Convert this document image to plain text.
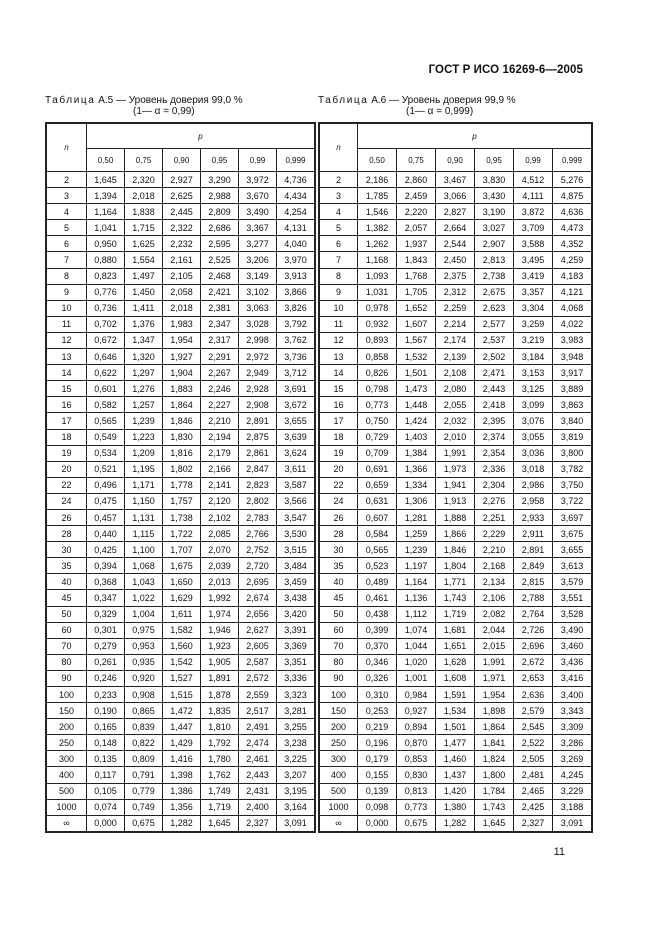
ГОСТ Р ИСО 16269-6—2005
Таблица А.5 — Уровень доверия 99,0 %
(1— α = 0,99)
n	p					
	0,50	0,75	0,90	0,95	0,99	0,999
2	1,645	2,320	2,927	3,290	3,972	4,736
3	1,394	2,018	2,625	2,988	3,670	4,434
4	1,164	1,838	2,445	2,809	3,490	4,254
5	1,041	1,715	2,322	2,686	3,367	4,131
6	0,950	1,625	2,232	2,595	3,277	4,040
7	0,880	1,554	2,161	2,525	3,206	3,970
8	0,823	1,497	2,105	2,468	3,149	3,913
9	0,776	1,450	2,058	2,421	3,102	3,866
10	0,736	1,411	2,018	2,381	3,063	3,826
11	0,702	1,376	1,983	2,347	3,028	3,792
12	0,672	1,347	1,954	2,317	2,998	3,762
13	0,646	1,320	1,927	2,291	2,972	3,736
14	0,622	1,297	1,904	2,267	2,949	3,712
15	0,601	1,276	1,883	2,246	2,928	3,691
16	0,582	1,257	1,864	2,227	2,908	3,672
17	0,565	1,239	1,846	2,210	2,891	3,655
18	0,549	1,223	1,830	2,194	2,875	3,639
19	0,534	1,209	1,816	2,179	2,861	3,624
20	0,521	1,195	1,802	2,166	2,847	3,611
22	0,496	1,171	1,778	2,141	2,823	3,587
24	0,475	1,150	1,757	2,120	2,802	3,566
26	0,457	1,131	1,738	2,102	2,783	3,547
28	0,440	1,115	1,722	2,085	2,766	3,530
30	0,425	1,100	1,707	2,070	2,752	3,515
35	0,394	1,068	1,675	2,039	2,720	3,484
40	0,368	1,043	1,650	2,013	2,695	3,459
45	0,347	1,022	1,629	1,992	2,674	3,438
50	0,329	1,004	1,611	1,974	2,656	3,420
60	0,301	0,975	1,582	1,946	2,627	3,391
70	0,279	0,953	1,560	1,923	2,605	3,369
80	0,261	0,935	1,542	1,905	2,587	3,351
90	0,246	0,920	1,527	1,891	2,572	3,336
100	0,233	0,908	1,515	1,878	2,559	3,323
150	0,190	0,865	1,472	1,835	2,517	3,281
200	0,165	0,839	1,447	1,810	2,491	3,255
250	0,148	0,822	1,429	1,792	2,474	3,238
300	0,135	0,809	1,416	1,780	2,461	3,225
400	0,117	0,791	1,398	1,762	2,443	3,207
500	0,105	0,779	1,386	1,749	2,431	3,195
1000	0,074	0,749	1,356	1,719	2,400	3,164
∞	0,000	0,675	1,282	1,645	2,327	3,091
Таблица А.6 — Уровень доверия 99,9 %
(1— α = 0,999)
n	p					
	0,50	0,75	0,90	0,95	0,99	0,999
2	2,186	2,860	3,467	3,830	4,512	5,276
3	1,785	2,459	3,066	3,430	4,111	4,875
4	1,546	2,220	2,827	3,190	3,872	4,636
5	1,382	2,057	2,664	3,027	3,709	4,473
6	1,262	1,937	2,544	2,907	3,588	4,352
7	1,168	1,843	2,450	2,813	3,495	4,259
8	1,093	1,768	2,375	2,738	3,419	4,183
9	1,031	1,705	2,312	2,675	3,357	4,121
10	0,978	1,652	2,259	2,623	3,304	4,068
11	0,932	1,607	2,214	2,577	3,259	4,022
12	0,893	1,567	2,174	2,537	3,219	3,983
13	0,858	1,532	2,139	2,502	3,184	3,948
14	0,826	1,501	2,108	2,471	3,153	3,917
15	0,798	1,473	2,080	2,443	3,125	3,889
16	0,773	1,448	2,055	2,418	3,099	3,863
17	0,750	1,424	2,032	2,395	3,076	3,840
18	0,729	1,403	2,010	2,374	3,055	3,819
19	0,709	1,384	1,991	2,354	3,036	3,800
20	0,691	1,366	1,973	2,336	3,018	3,782
22	0,659	1,334	1,941	2,304	2,986	3,750
24	0,631	1,306	1,913	2,276	2,958	3,722
26	0,607	1,281	1,888	2,251	2,933	3,697
28	0,584	1,259	1,866	2,229	2,911	3,675
30	0,565	1,239	1,846	2,210	2,891	3,655
35	0,523	1,197	1,804	2,168	2,849	3,613
40	0,489	1,164	1,771	2,134	2,815	3,579
45	0,461	1,136	1,743	2,106	2,788	3,551
50	0,438	1,112	1,719	2,082	2,764	3,528
60	0,399	1,074	1,681	2,044	2,726	3,490
70	0,370	1,044	1,651	2,015	2,696	3,460
80	0,346	1,020	1,628	1,991	2,672	3,436
90	0,326	1,001	1,608	1,971	2,653	3,416
100	0,310	0,984	1,591	1,954	2,636	3,400
150	0,253	0,927	1,534	1,898	2,579	3,343
200	0,219	0,894	1,501	1,864	2,545	3,309
250	0,196	0,870	1,477	1,841	2,522	3,286
300	0,179	0,853	1,460	1,824	2,505	3,269
400	0,155	0,830	1,437	1,800	2,481	4,245
500	0,139	0,813	1,420	1,784	2,465	3,229
1000	0,098	0,773	1,380	1,743	2,425	3,188
∞	0,000	0,675	1,282	1,645	2,327	3,091
11
